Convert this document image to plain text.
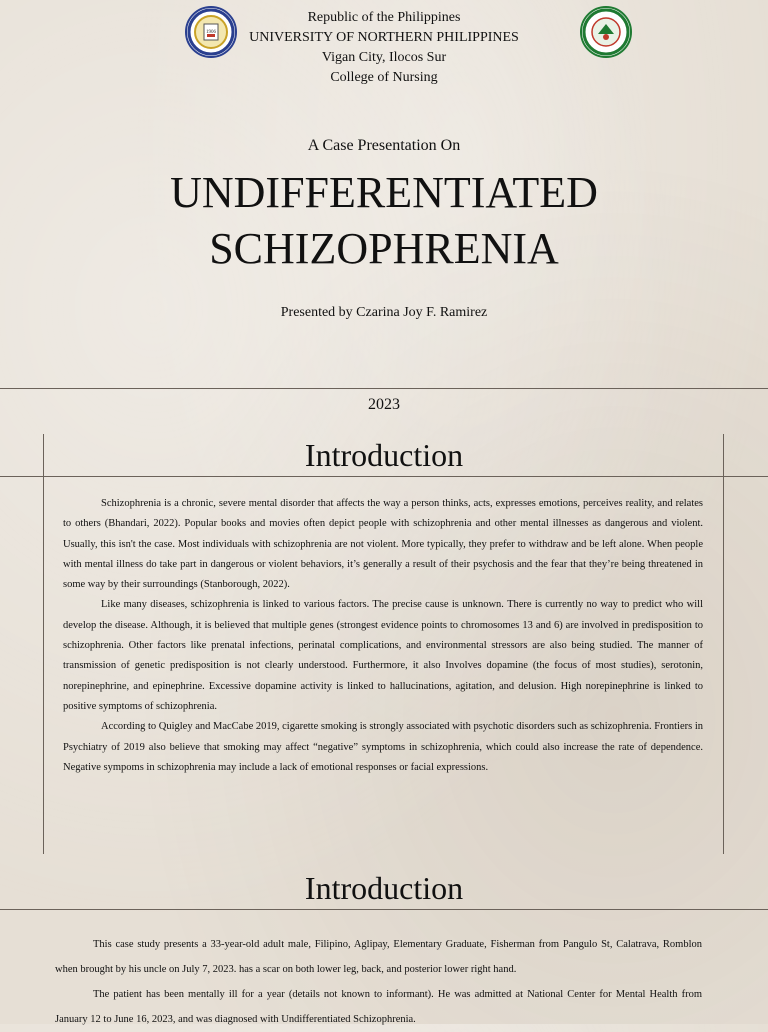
1906
Republic of the Philippines
UNIVERSITY OF NORTHERN PHILIPPINES
Vigan City, Ilocos Sur
College of Nursing
A Case Presentation On
UNDIFFERENTIATED
SCHIZOPHRENIA
Presented by Czarina Joy F. Ramirez
2023
Introduction

Schizophrenia is a chronic, severe mental disorder that affects the way a person thinks, acts, expresses emotions, perceives reality, and relates to others (Bhandari, 2022). Popular books and movies often depict people with schizophrenia and other mental illnesses as dangerous and violent. Usually, this isn't the case. Most individuals with schizophrenia are not violent. More typically, they prefer to withdraw and be left alone. When people with mental illness do take part in dangerous or violent behaviors, it’s generally a result of their psychosis and the fear that they’re being threatened in some way by their surroundings (Stanborough, 2022).

Like many diseases, schizophrenia is linked to various factors. The precise cause is unknown. There is currently no way to predict who will develop the disease. Although, it is believed that multiple genes (strongest evidence points to chromosomes 13 and 6) are involved in predisposition to schizophrenia. Other factors like prenatal infections, perinatal complications, and environmental stressors are also being studied. The manner of transmission of genetic predisposition is not clearly understood. Furthermore, it also Involves dopamine (the focus of most studies), serotonin, norepinephrine, and epinephrine. Excessive dopamine activity is linked to hallucinations, agitation, and delusion. High norepinephrine is linked to positive symptoms of schizophrenia.

According to Quigley and MacCabe 2019, cigarette smoking is strongly associated with psychotic disorders such as schizophrenia. Frontiers in Psychiatry of 2019 also believe that smoking may affect “negative” symptoms in schizophrenia, which could also increase the rate of dependence. Negative sympoms in schizophrenia may include a lack of emotional responses or facial expressions.

Introduction

This case study presents a 33-year-old adult male, Filipino, Aglipay, Elementary Graduate, Fisherman from Pangulo St, Calatrava, Romblon when brought by his uncle on July 7, 2023. has a scar on both lower leg, back, and posterior lower right hand.

The patient has been mentally ill for a year (details not known to informant). He was admitted at National Center for Mental Health from January 12 to June 16, 2023, and was diagnosed with Undifferentiated Schizophrenia.
